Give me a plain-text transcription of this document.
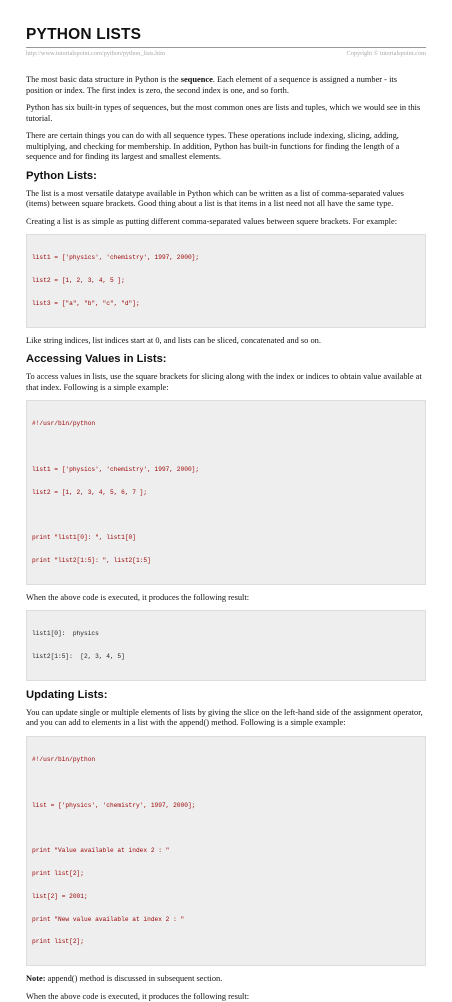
PYTHON LISTS
http://www.tutorialspoint.com/python/python_lists.htm	Copyright © tutorialspoint.com

The most basic data structure in Python is the sequence. Each element of a sequence is assigned a number - its position or index. The first index is zero, the second index is one, and so forth.

Python has six built-in types of sequences, but the most common ones are lists and tuples, which we would see in this tutorial.

There are certain things you can do with all sequence types. These operations include indexing, slicing, adding, multiplying, and checking for membership. In addition, Python has built-in functions for finding the length of a sequence and for finding its largest and smallest elements.

Python Lists:

The list is a most versatile datatype available in Python which can be written as a list of comma-separated values (items) between square brackets. Good thing about a list is that items in a list need not all have the same type.

Creating a list is as simple as putting different comma-separated values between squere brackets. For example:

list1 = ['physics', 'chemistry', 1997, 2000];

list2 = [1, 2, 3, 4, 5 ];

list3 = ["a", "b", "c", "d"];

Like string indices, list indices start at 0, and lists can be sliced, concatenated and so on.

Accessing Values in Lists:

To access values in lists, use the square brackets for slicing along with the index or indices to obtain value available at that index. Following is a simple example:

#!/usr/bin/python

list1 = ['physics', 'chemistry', 1997, 2000];

list2 = [1, 2, 3, 4, 5, 6, 7 ];

print "list1[0]: ", list1[0]

print "list2[1:5]: ", list2[1:5]

When the above code is executed, it produces the following result:

list1[0]:  physics

list2[1:5]:  [2, 3, 4, 5]

Updating Lists:

You can update single or multiple elements of lists by giving the slice on the left-hand side of the assignment operator, and you can add to elements in a list with the append() method. Following is a simple example:

#!/usr/bin/python

list = ['physics', 'chemistry', 1997, 2000];

print "Value available at index 2 : "

print list[2];

list[2] = 2001;

print "New value available at index 2 : "

print list[2];

Note: append() method is discussed in subsequent section.

When the above code is executed, it produces the following result:
